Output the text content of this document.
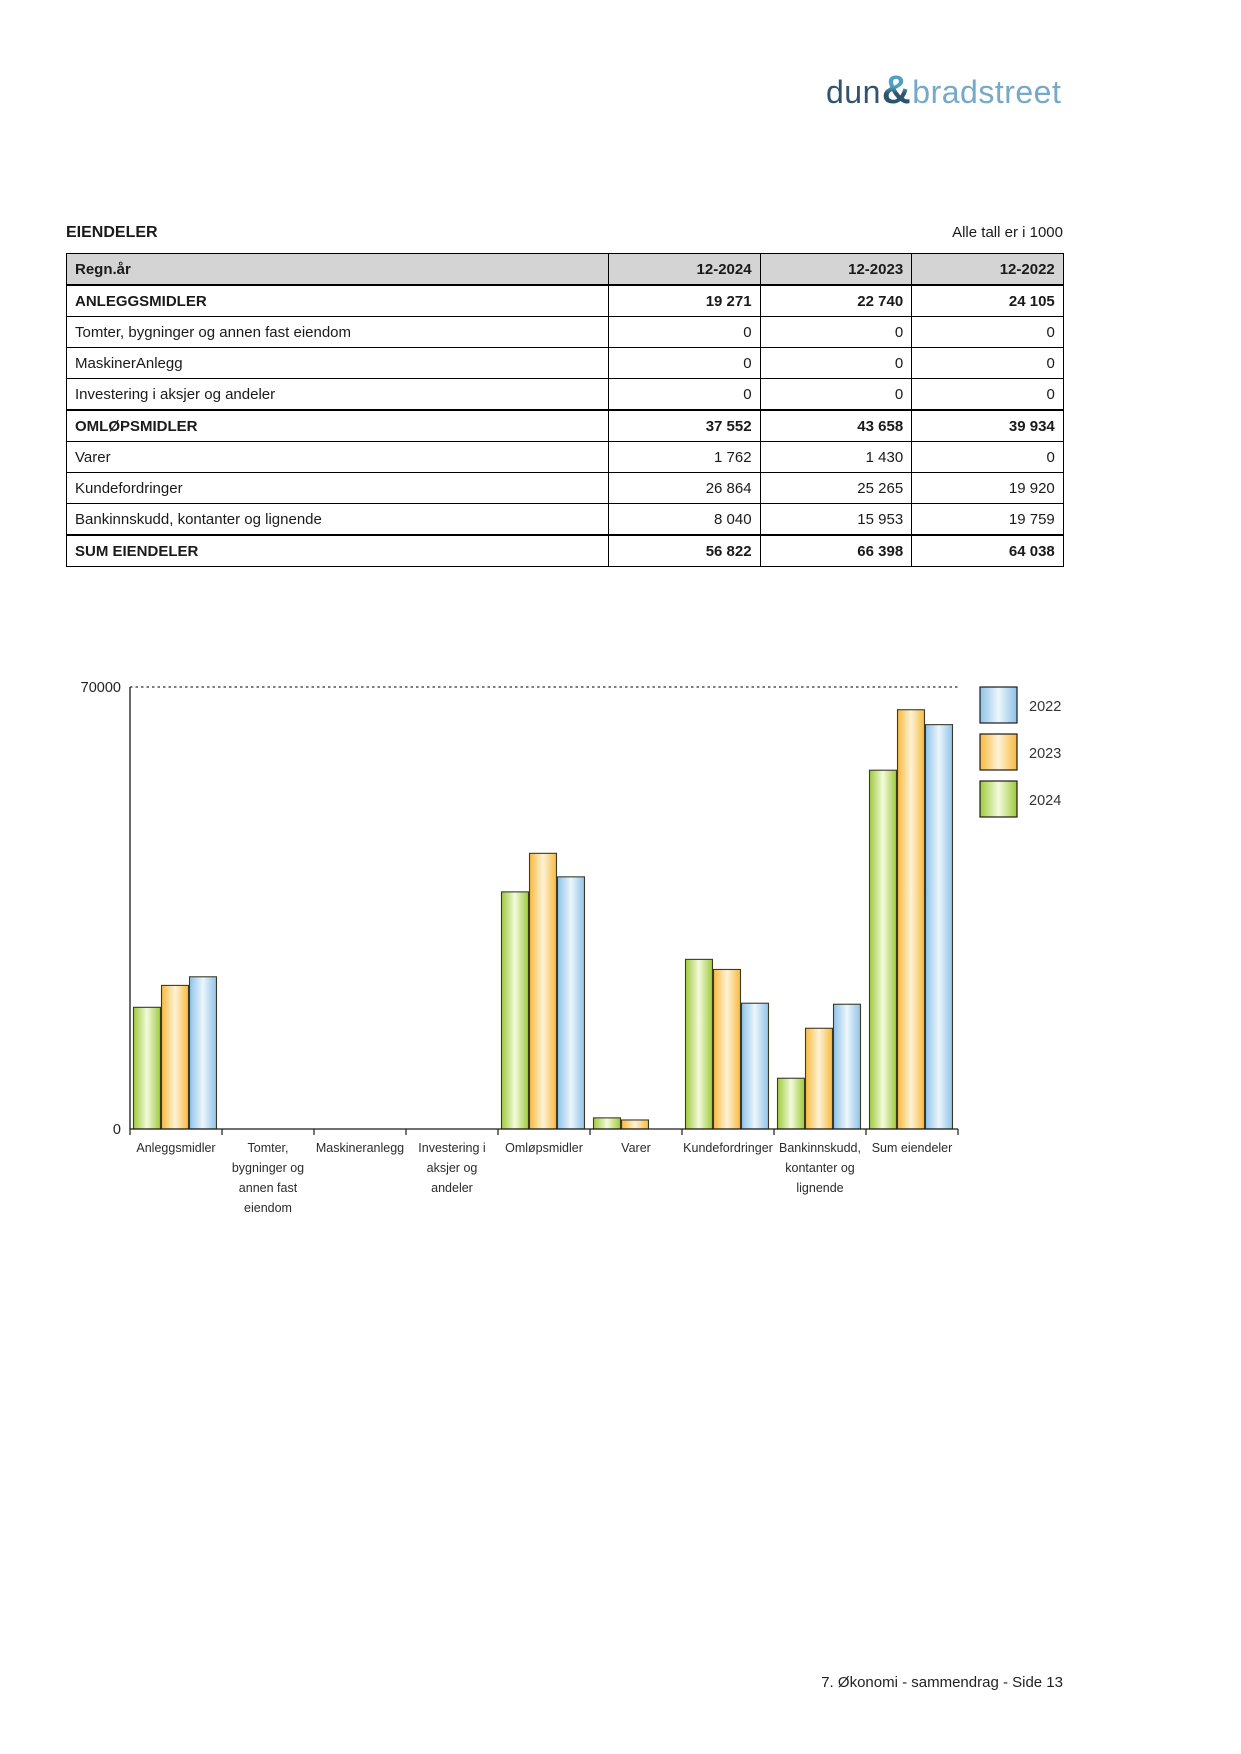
dun&bradstreet
EIENDELER	Alle tall er i 1000
Regn.år	12-2024	12-2023	12-2022
ANLEGGSMIDLER	19 271	22 740	24 105
Tomter, bygninger og annen fast eiendom	0	0	0
MaskinerAnlegg	0	0	0
Investering i aksjer og andeler	0	0	0
OMLØPSMIDLER	37 552	43 658	39 934
Varer	1 762	1 430	0
Kundefordringer	26 864	25 265	19 920
Bankinnskudd, kontanter og lignende	8 040	15 953	19 759
SUM EIENDELER	56 822	66 398	64 038
0
70000
Anleggsmidler	Tomter, bygninger og annen fast eiendom
Maskineranlegg Investering i aksjer og andeler
Omløpsmidler	Varer	Kundefordringer Bankinnskudd, kontanter og lignende
Sum eiendeler
2022
2023
2024
7. Økonomi - sammendrag - Side 13
